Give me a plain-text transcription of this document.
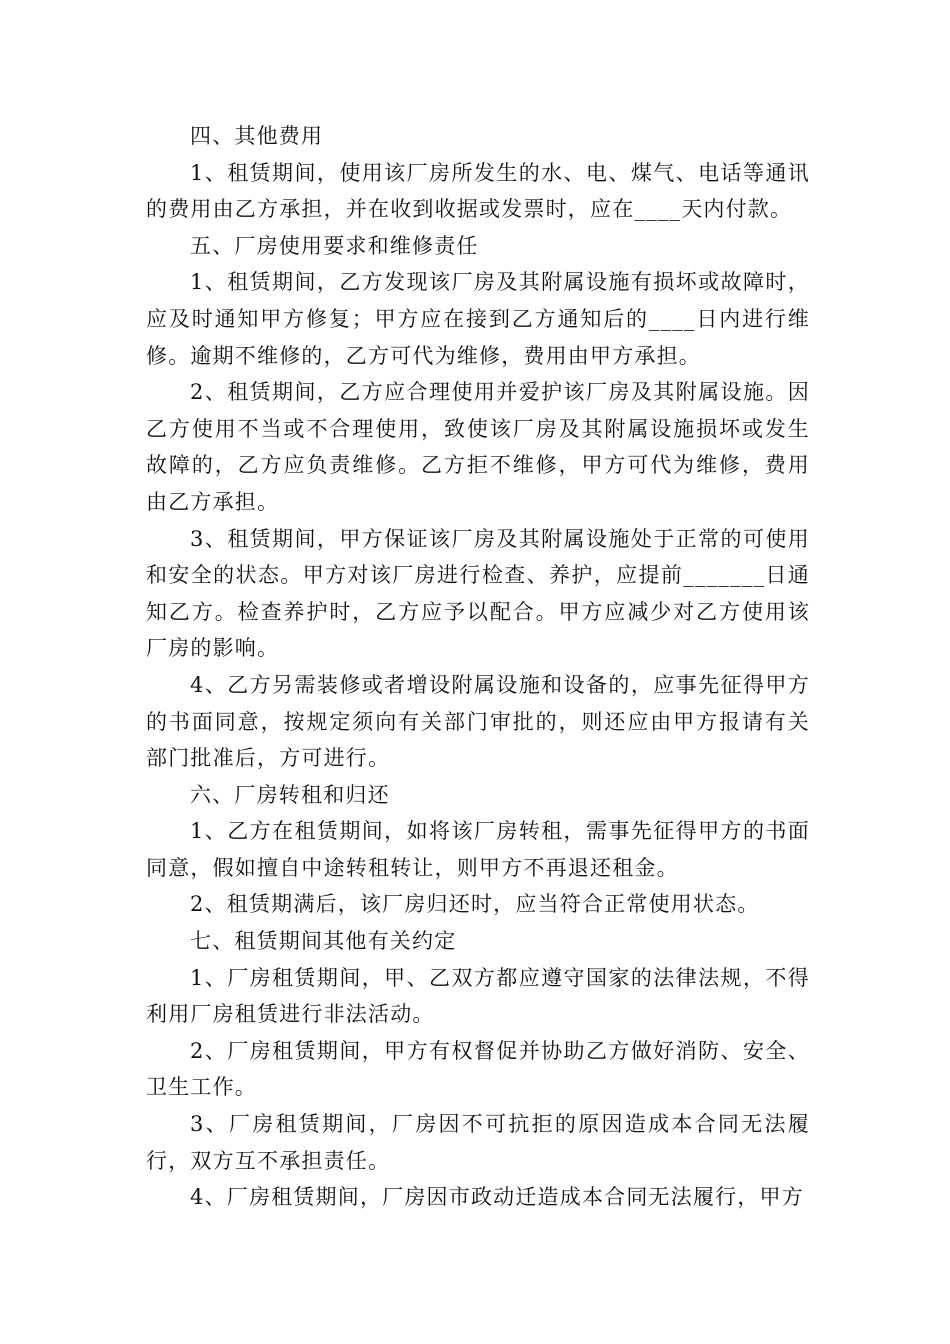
四、其他费用

1、租赁期间，使用该厂房所发生的水、电、煤气、电话等通讯的费用由乙方承担，并在收到收据或发票时，应在____天内付款。

五、厂房使用要求和维修责任

1、租赁期间，乙方发现该厂房及其附属设施有损坏或故障时，应及时通知甲方修复；甲方应在接到乙方通知后的____日内进行维修。逾期不维修的，乙方可代为维修，费用由甲方承担。

2、租赁期间，乙方应合理使用并爱护该厂房及其附属设施。因乙方使用不当或不合理使用，致使该厂房及其附属设施损坏或发生故障的，乙方应负责维修。乙方拒不维修，甲方可代为维修，费用由乙方承担。

3、租赁期间，甲方保证该厂房及其附属设施处于正常的可使用和安全的状态。甲方对该厂房进行检查、养护，应提前_______日通知乙方。检查养护时，乙方应予以配合。甲方应减少对乙方使用该厂房的影响。

4、乙方另需装修或者增设附属设施和设备的，应事先征得甲方的书面同意，按规定须向有关部门审批的，则还应由甲方报请有关部门批准后，方可进行。

六、厂房转租和归还

1、乙方在租赁期间，如将该厂房转租，需事先征得甲方的书面同意，假如擅自中途转租转让，则甲方不再退还租金。

2、租赁期满后，该厂房归还时，应当符合正常使用状态。

七、租赁期间其他有关约定

1、厂房租赁期间，甲、乙双方都应遵守国家的法律法规，不得利用厂房租赁进行非法活动。

2、厂房租赁期间，甲方有权督促并协助乙方做好消防、安全、卫生工作。

3、厂房租赁期间，厂房因不可抗拒的原因造成本合同无法履行，双方互不承担责任。

4、厂房租赁期间，厂房因市政动迁造成本合同无法履行，甲方
